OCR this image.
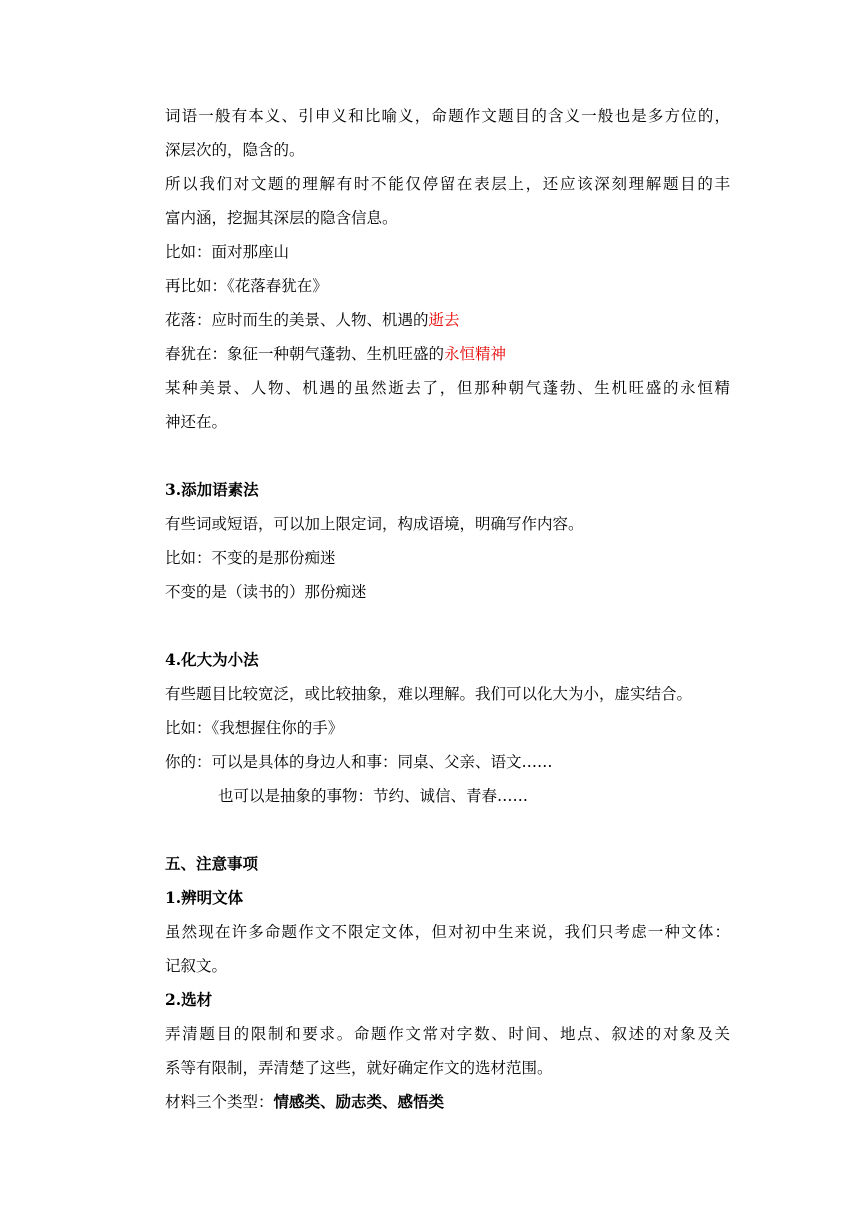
词语一般有本义、引申义和比喻义，命题作文题目的含义一般也是多方位的，
深层次的，隐含的。
所以我们对文题的理解有时不能仅停留在表层上，还应该深刻理解题目的丰
富内涵，挖掘其深层的隐含信息。
比如：面对那座山
再比如：《花落春犹在》
花落：应时而生的美景、人物、机遇的逝去
春犹在：象征一种朝气蓬勃、生机旺盛的永恒精神
某种美景、人物、机遇的虽然逝去了，但那种朝气蓬勃、生机旺盛的永恒精
神还在。
3.添加语素法
有些词或短语，可以加上限定词，构成语境，明确写作内容。
比如：不变的是那份痴迷
不变的是（读书的）那份痴迷
4.化大为小法
有些题目比较宽泛，或比较抽象，难以理解。我们可以化大为小，虚实结合。
比如：《我想握住你的手》
你的：可以是具体的身边人和事：同桌、父亲、语文……
也可以是抽象的事物：节约、诚信、青春……
五、注意事项
1.辨明文体
虽然现在许多命题作文不限定文体，但对初中生来说，我们只考虑一种文体：
记叙文。
2.选材
弄清题目的限制和要求。命题作文常对字数、时间、地点、叙述的对象及关
系等有限制，弄清楚了这些，就好确定作文的选材范围。
材料三个类型：情感类、励志类、感悟类
